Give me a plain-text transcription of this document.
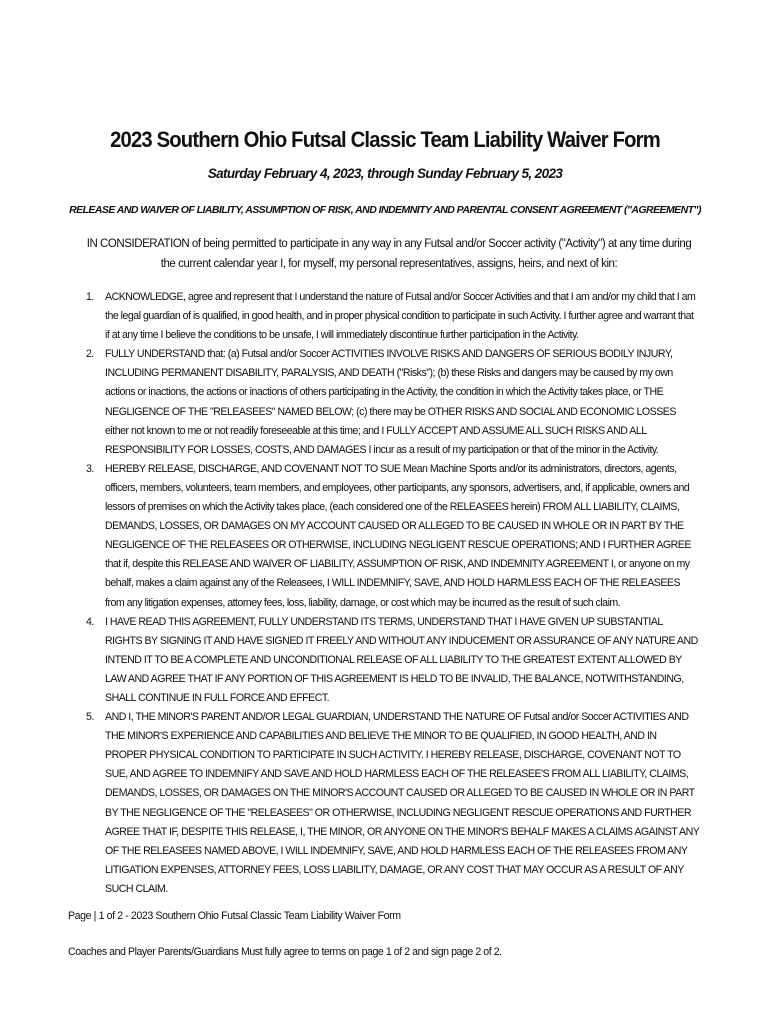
2023 Southern Ohio Futsal Classic Team Liability Waiver Form
Saturday February 4, 2023, through Sunday February 5, 2023
RELEASE AND WAIVER OF LIABILITY, ASSUMPTION OF RISK, AND INDEMNITY AND PARENTAL CONSENT AGREEMENT ("AGREEMENT")
IN CONSIDERATION of being permitted to participate in any way in any Futsal and/or Soccer activity ("Activity") at any time during the current calendar year I, for myself, my personal representatives, assigns, heirs, and next of kin:
1. ACKNOWLEDGE, agree and represent that I understand the nature of Futsal and/or Soccer Activities and that I am and/or my child that I am the legal guardian of is qualified, in good health, and in proper physical condition to participate in such Activity. I further agree and warrant that if at any time I believe the conditions to be unsafe, I will immediately discontinue further participation in the Activity.
2. FULLY UNDERSTAND that: (a) Futsal and/or Soccer ACTIVITIES INVOLVE RISKS AND DANGERS OF SERIOUS BODILY INJURY, INCLUDING PERMANENT DISABILITY, PARALYSIS, AND DEATH ("Risks"); (b) these Risks and dangers may be caused by my own actions or inactions, the actions or inactions of others participating in the Activity, the condition in which the Activity takes place, or THE NEGLIGENCE OF THE "RELEASEES" NAMED BELOW; (c) there may be OTHER RISKS AND SOCIAL AND ECONOMIC LOSSES either not known to me or not readily foreseeable at this time; and I FULLY ACCEPT AND ASSUME ALL SUCH RISKS AND ALL RESPONSIBILITY FOR LOSSES, COSTS, AND DAMAGES I incur as a result of my participation or that of the minor in the Activity.
3. HEREBY RELEASE, DISCHARGE, AND COVENANT NOT TO SUE Mean Machine Sports and/or its administrators, directors, agents, officers, members, volunteers, team members, and employees, other participants, any sponsors, advertisers, and, if applicable, owners and lessors of premises on which the Activity takes place, (each considered one of the RELEASEES herein) FROM ALL LIABILITY, CLAIMS, DEMANDS, LOSSES, OR DAMAGES ON MY ACCOUNT CAUSED OR ALLEGED TO BE CAUSED IN WHOLE OR IN PART BY THE NEGLIGENCE OF THE RELEASEES OR OTHERWISE, INCLUDING NEGLIGENT RESCUE OPERATIONS; AND I FURTHER AGREE that if, despite this RELEASE AND WAIVER OF LIABILITY, ASSUMPTION OF RISK, AND INDEMNITY AGREEMENT I, or anyone on my behalf, makes a claim against any of the Releasees, I WILL INDEMNIFY, SAVE, AND HOLD HARMLESS EACH OF THE RELEASEES from any litigation expenses, attorney fees, loss, liability, damage, or cost which may be incurred as the result of such claim.
4. I HAVE READ THIS AGREEMENT, FULLY UNDERSTAND ITS TERMS, UNDERSTAND THAT I HAVE GIVEN UP SUBSTANTIAL RIGHTS BY SIGNING IT AND HAVE SIGNED IT FREELY AND WITHOUT ANY INDUCEMENT OR ASSURANCE OF ANY NATURE AND INTEND IT TO BE A COMPLETE AND UNCONDITIONAL RELEASE OF ALL LIABILITY TO THE GREATEST EXTENT ALLOWED BY LAW AND AGREE THAT IF ANY PORTION OF THIS AGREEMENT IS HELD TO BE INVALID, THE BALANCE, NOTWITHSTANDING, SHALL CONTINUE IN FULL FORCE AND EFFECT.
5. AND I, THE MINOR'S PARENT AND/OR LEGAL GUARDIAN, UNDERSTAND THE NATURE OF Futsal and/or Soccer ACTIVITIES AND THE MINOR'S EXPERIENCE AND CAPABILITIES AND BELIEVE THE MINOR TO BE QUALIFIED, IN GOOD HEALTH, AND IN PROPER PHYSICAL CONDITION TO PARTICIPATE IN SUCH ACTIVITY. I HEREBY RELEASE, DISCHARGE, COVENANT NOT TO SUE, AND AGREE TO INDEMNIFY AND SAVE AND HOLD HARMLESS EACH OF THE RELEASEE'S FROM ALL LIABILITY, CLAIMS, DEMANDS, LOSSES, OR DAMAGES ON THE MINOR'S ACCOUNT CAUSED OR ALLEGED TO BE CAUSED IN WHOLE OR IN PART BY THE NEGLIGENCE OF THE "RELEASEES" OR OTHERWISE, INCLUDING NEGLIGENT RESCUE OPERATIONS AND FURTHER AGREE THAT IF, DESPITE THIS RELEASE, I, THE MINOR, OR ANYONE ON THE MINOR'S BEHALF MAKES A CLAIMS AGAINST ANY OF THE RELEASEES NAMED ABOVE, I WILL INDEMNIFY, SAVE, AND HOLD HARMLESS EACH OF THE RELEASEES FROM ANY LITIGATION EXPENSES, ATTORNEY FEES, LOSS LIABILITY, DAMAGE, OR ANY COST THAT MAY OCCUR AS A RESULT OF ANY SUCH CLAIM.
Page | 1 of 2 - 2023 Southern Ohio Futsal Classic Team Liability Waiver Form
Coaches and Player Parents/Guardians Must fully agree to terms on page 1 of 2 and sign page 2 of 2.
